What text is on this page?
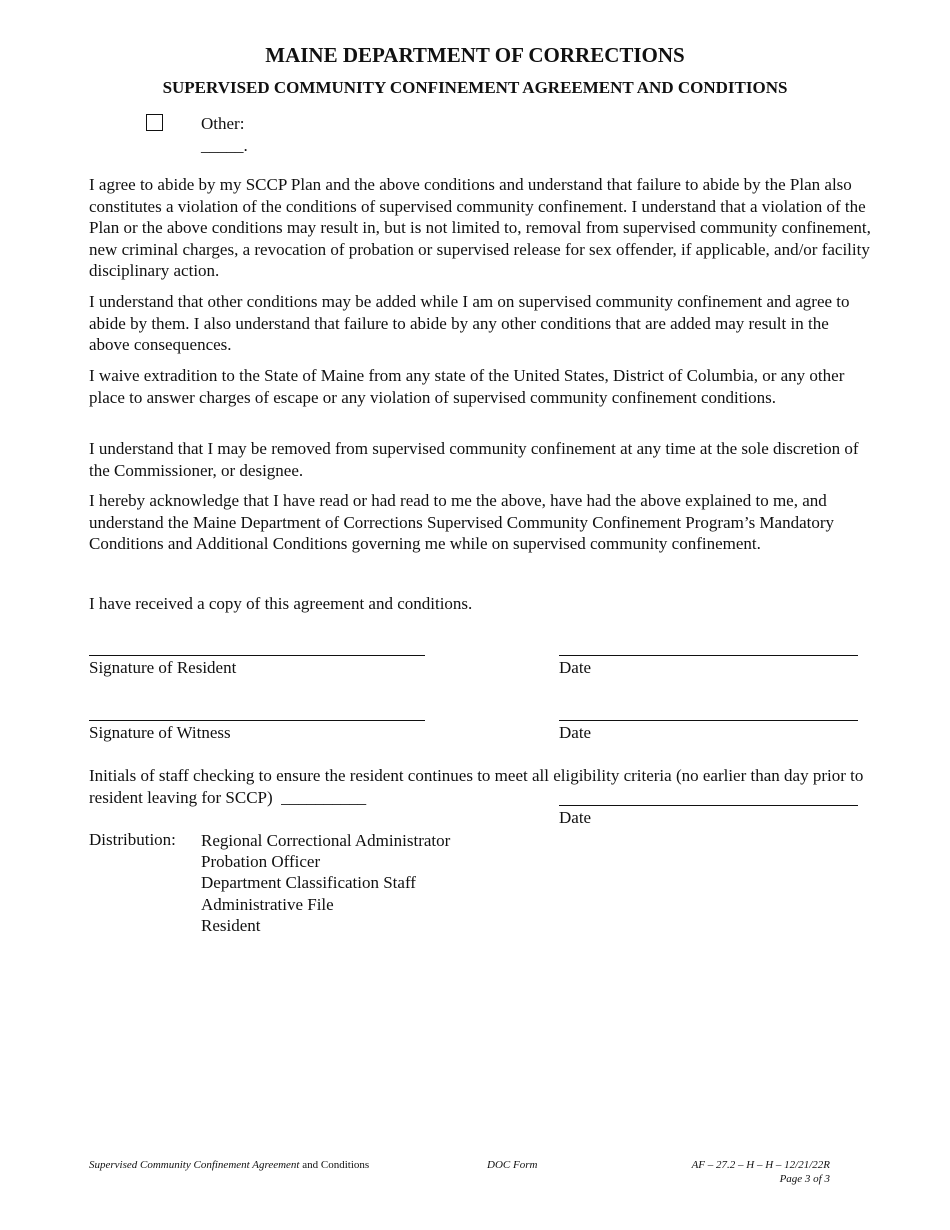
MAINE DEPARTMENT OF CORRECTIONS
SUPERVISED COMMUNITY CONFINEMENT AGREEMENT AND CONDITIONS
Other:
_____.

I agree to abide by my SCCP Plan and the above conditions and understand that failure to abide by the Plan also constitutes a violation of the conditions of supervised community confinement. I understand that a violation of the Plan or the above conditions may result in, but is not limited to, removal from supervised community confinement, new criminal charges, a revocation of probation or supervised release for sex offender, if applicable, and/or facility disciplinary action.

I understand that other conditions may be added while I am on supervised community confinement and agree to abide by them. I also understand that failure to abide by any other conditions that are added may result in the above consequences.

I waive extradition to the State of Maine from any state of the United States, District of Columbia, or any other place to answer charges of escape or any violation of supervised community confinement conditions.

I understand that I may be removed from supervised community confinement at any time at the sole discretion of the Commissioner, or designee.

I hereby acknowledge that I have read or had read to me the above, have had the above explained to me, and understand the Maine Department of Corrections Supervised Community Confinement Program’s Mandatory Conditions and Additional Conditions governing me while on supervised community confinement.

I have received a copy of this agreement and conditions.
Signature of Resident	Date
Signature of Witness	Date
Initials of staff checking to ensure the resident continues to meet all eligibility criteria (no earlier than day prior to resident leaving for SCCP) __________
Date
Distribution: Regional Correctional Administrator
Probation Officer
Department Classification Staff
Administrative File
Resident
Supervised Community Confinement Agreement and Conditions	DOC Form	AF – 27.2 – H – H – 12/21/22R
Page 3 of 3
